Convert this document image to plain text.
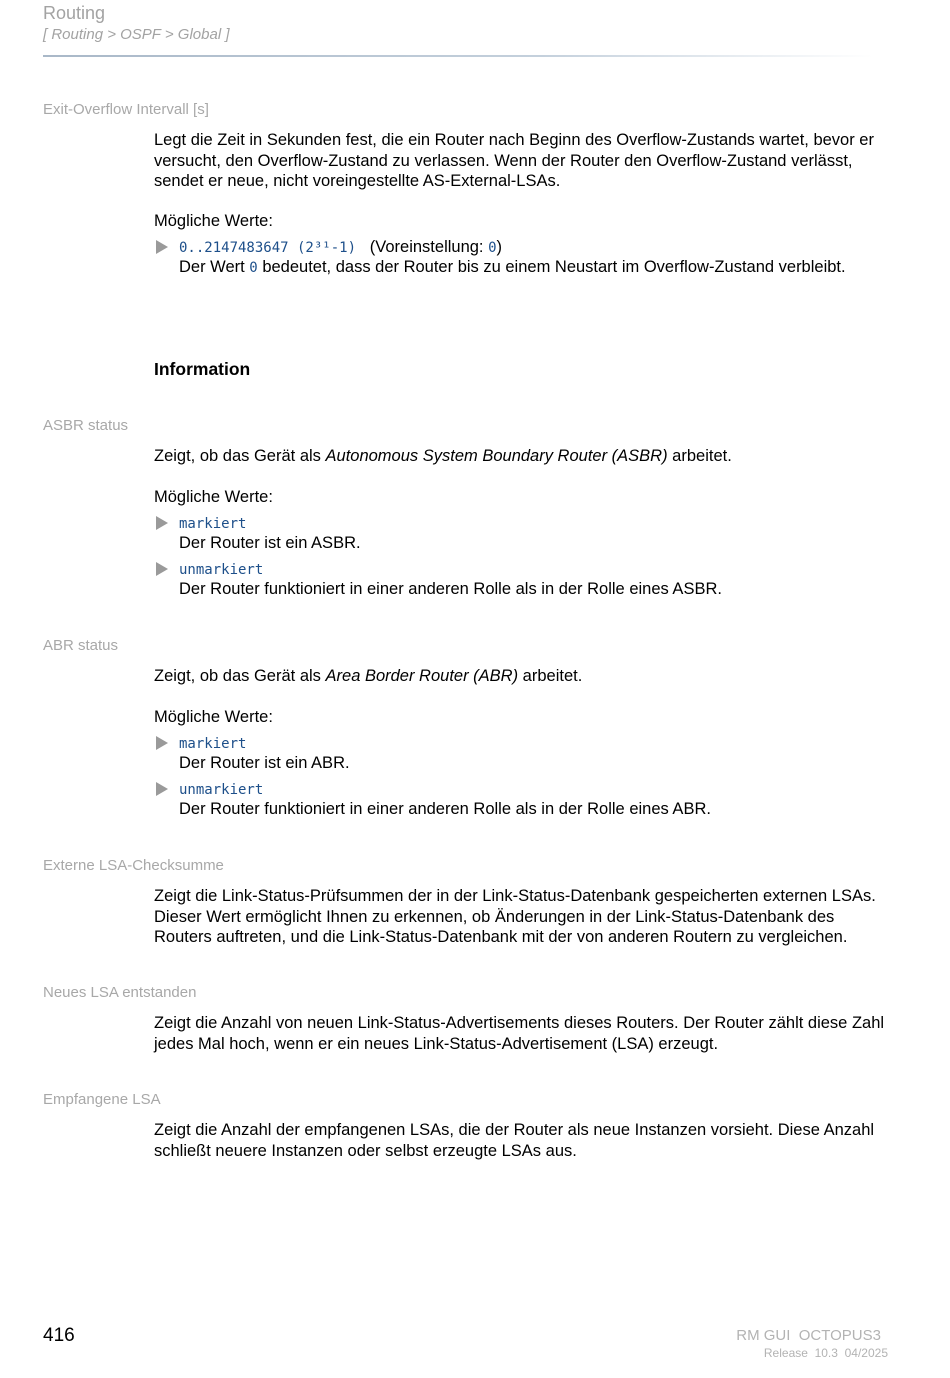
Routing
[ Routing > OSPF > Global ]
Exit-Overflow Intervall [s]

Legt die Zeit in Sekunden fest, die ein Router nach Beginn des Overflow-Zustands wartet, bevor er versucht, den Overflow-Zustand zu verlassen. Wenn der Router den Overflow-Zustand verlässt, sendet er neue, nicht voreingestellte AS-External-LSAs.

Mögliche Werte:
0..2147483647 (2³¹-1) (Voreinstellung: 0)
Der Wert 0 bedeutet, dass der Router bis zu einem Neustart im Overflow-Zustand verbleibt.
Information
ASBR status
Zeigt, ob das Gerät als Autonomous System Boundary Router (ASBR) arbeitet.
Mögliche Werte:
markiert
Der Router ist ein ASBR.
unmarkiert
Der Router funktioniert in einer anderen Rolle als in der Rolle eines ASBR.
ABR status
Zeigt, ob das Gerät als Area Border Router (ABR) arbeitet.
Mögliche Werte:
markiert
Der Router ist ein ABR.
unmarkiert
Der Router funktioniert in einer anderen Rolle als in der Rolle eines ABR.
Externe LSA-Checksumme

Zeigt die Link-Status-Prüfsummen der in der Link-Status-Datenbank gespeicherten externen LSAs. Dieser Wert ermöglicht Ihnen zu erkennen, ob Änderungen in der Link-Status-Datenbank des Routers auftreten, und die Link-Status-Datenbank mit der von anderen Routern zu vergleichen.

Neues LSA entstanden

Zeigt die Anzahl von neuen Link-Status-Advertisements dieses Routers. Der Router zählt diese Zahl jedes Mal hoch, wenn er ein neues Link-Status-Advertisement (LSA) erzeugt.

Empfangene LSA

Zeigt die Anzahl der empfangenen LSAs, die der Router als neue Instanzen vorsieht. Diese Anzahl schließt neuere Instanzen oder selbst erzeugte LSAs aus.

416	RM GUI  OCTOPUS3
Release  10.3  04/2025
